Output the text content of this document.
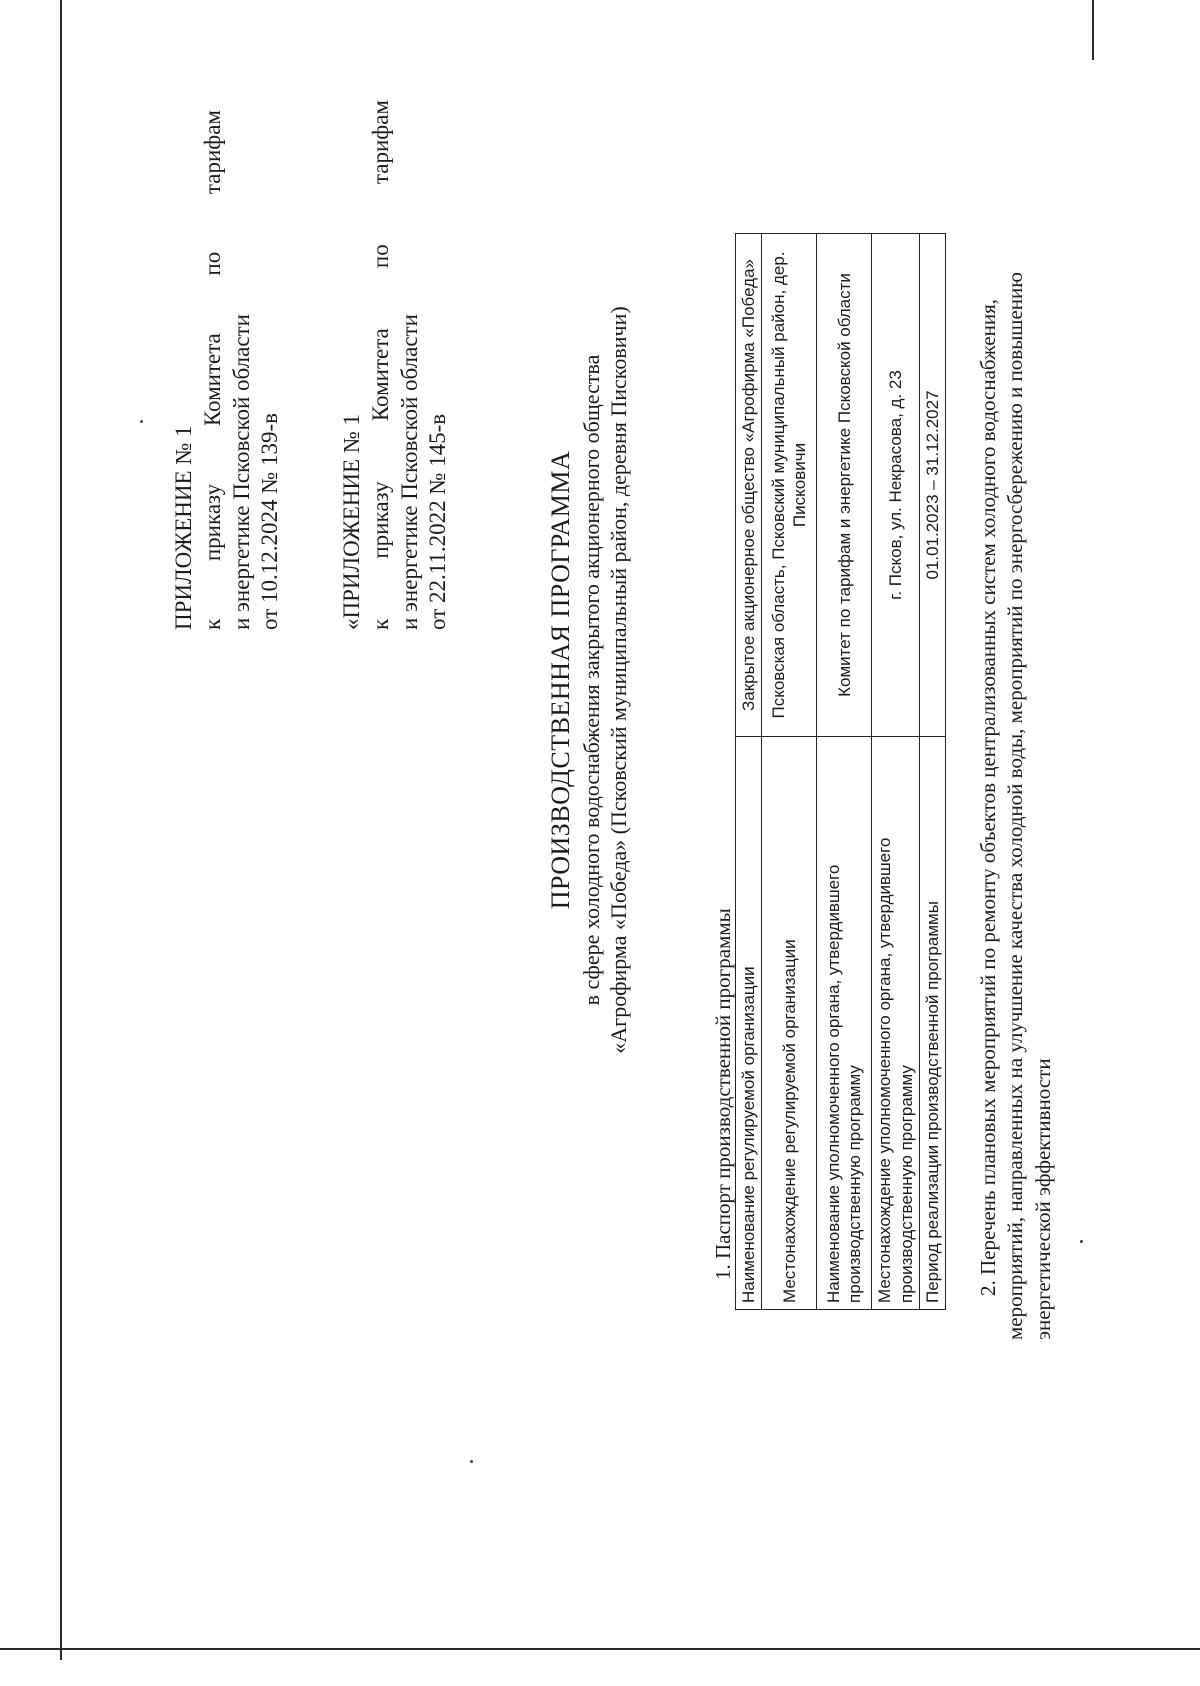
ПРИЛОЖЕНИЕ № 1 к
приказу
Комитета
по
тарифам
и энергетике Псковской области от 10.12.2024 № 139-в «ПРИЛОЖЕНИЕ № 1 к
приказу
Комитета
по
тарифам
и энергетике Псковской области от 22.11.2022 № 145-в	ПРОИЗВОДСТВЕННАЯ ПРОГРАММА в сфере холодного водоснабжения закрытого акционерного общества «Агрофирма «Победа» (Псковский муниципальный район, деревня Писковичи)
1. Паспорт производственной программы Наименование регулируемой организации	Закрытое акционерное общество «Агрофирма «Победа»
Местонахождение регулируемой организации	Псковская область, Псковский муниципальный район, дер. Писковичи
Наименование уполномоченного органа, утвердившего производственную программу	Комитет по тарифам и энергетике Псковской области
Местонахождение уполномоченного органа, утвердившего производственную программу	г. Псков, ул. Некрасова, д. 23
Период реализации производственной программы	01.01.2023 – 31.12.2027 2. Перечень плановых мероприятий по ремонту объектов централизованных систем холодного водоснабжения, мероприятий, направленных на улучшение качества холодной воды, мероприятий по энергосбережению и повышению энергетической эффективности
